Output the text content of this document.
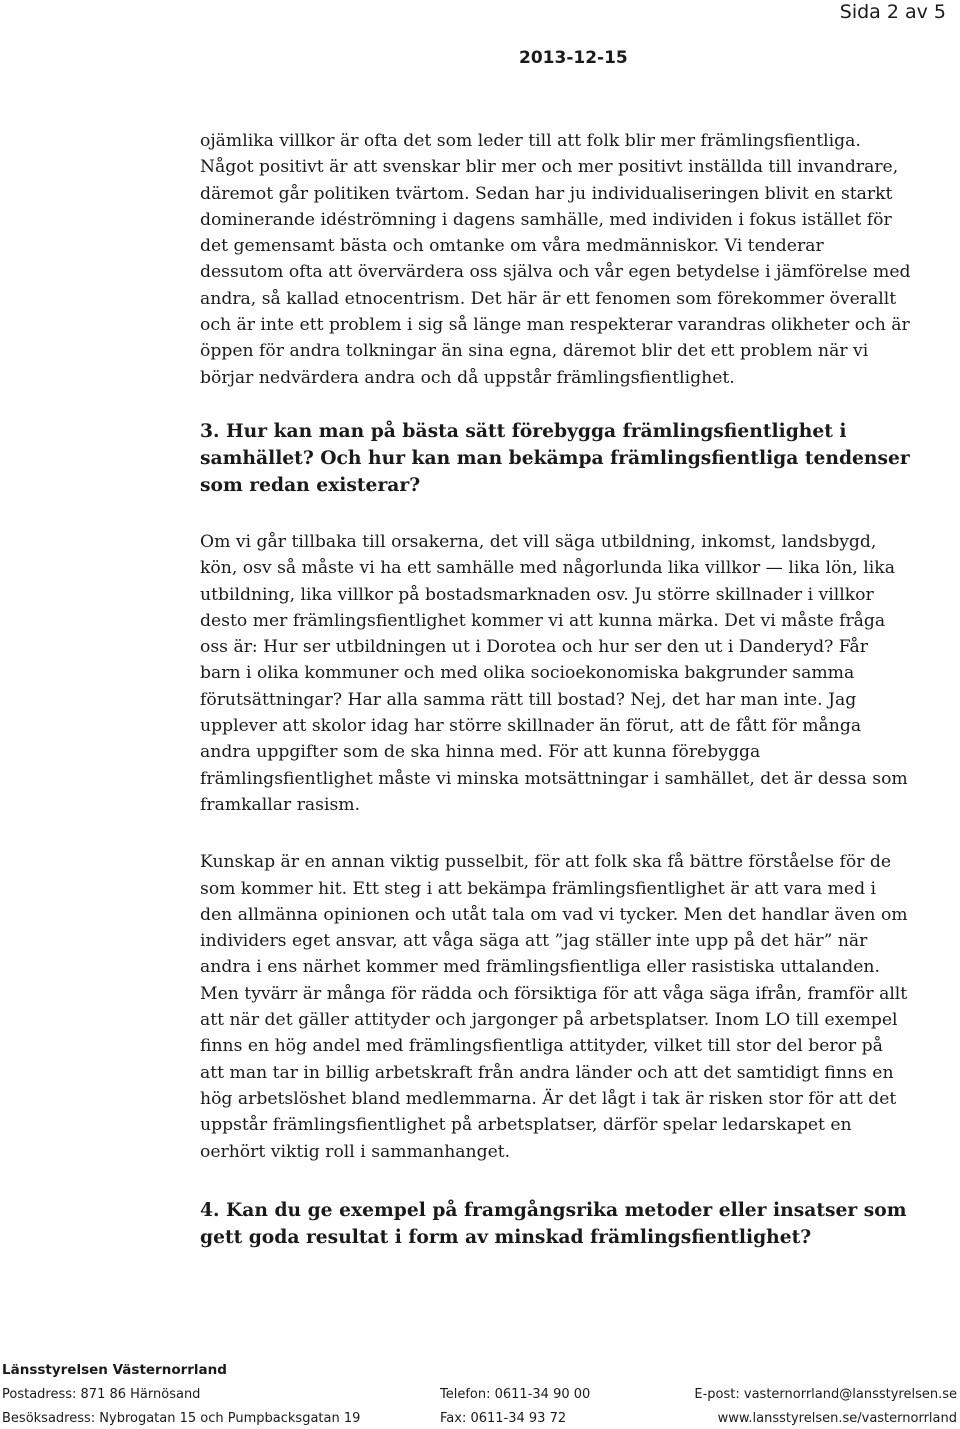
Sida 2 av 5
2013-12-15

ojämlika villkor är ofta det som leder till att folk blir mer främlingsfientliga. Något positivt är att svenskar blir mer och mer positivt inställda till invandrare, däremot går politiken tvärtom. Sedan har ju individualiseringen blivit en starkt dominerande idéströmning i dagens samhälle, med individen i fokus istället för det gemensamt bästa och omtanke om våra medmänniskor. Vi tenderar dessutom ofta att övervärdera oss själva och vår egen betydelse i jämförelse med andra, så kallad etnocentrism. Det här är ett fenomen som förekommer överallt och är inte ett problem i sig så länge man respekterar varandras olikheter och är öppen för andra tolkningar än sina egna, däremot blir det ett problem när vi börjar nedvärdera andra och då uppstår främlingsfientlighet.

3. Hur kan man på bästa sätt förebygga främlingsfientlighet i samhället? Och hur kan man bekämpa främlingsfientliga tendenser som redan existerar?

Om vi går tillbaka till orsakerna, det vill säga utbildning, inkomst, landsbygd, kön, osv så måste vi ha ett samhälle med någorlunda lika villkor — lika lön, lika utbildning, lika villkor på bostadsmarknaden osv. Ju större skillnader i villkor desto mer främlingsfientlighet kommer vi att kunna märka. Det vi måste fråga oss är: Hur ser utbildningen ut i Dorotea och hur ser den ut i Danderyd? Får barn i olika kommuner och med olika socioekonomiska bakgrunder samma förutsättningar? Har alla samma rätt till bostad? Nej, det har man inte. Jag upplever att skolor idag har större skillnader än förut, att de fått för många andra uppgifter som de ska hinna med. För att kunna förebygga främlingsfientlighet måste vi minska motsättningar i samhället, det är dessa som framkallar rasism.

Kunskap är en annan viktig pusselbit, för att folk ska få bättre förståelse för de som kommer hit. Ett steg i att bekämpa främlingsfientlighet är att vara med i den allmänna opinionen och utåt tala om vad vi tycker. Men det handlar även om individers eget ansvar, att våga säga att ”jag ställer inte upp på det här” när andra i ens närhet kommer med främlingsfientliga eller rasistiska uttalanden. Men tyvärr är många för rädda och försiktiga för att våga säga ifrån, framför allt att när det gäller attityder och jargonger på arbetsplatser. Inom LO till exempel finns en hög andel med främlingsfientliga attityder, vilket till stor del beror på att man tar in billig arbetskraft från andra länder och att det samtidigt finns en hög arbetslöshet bland medlemmarna. Är det lågt i tak är risken stor för att det uppstår främlingsfientlighet på arbetsplatser, därför spelar ledarskapet en oerhört viktig roll i sammanhanget.

4. Kan du ge exempel på framgångsrika metoder eller insatser som gett goda resultat i form av minskad främlingsfientlighet?
Länsstyrelsen Västernorrland
Postadress: 871 86 Härnösand	Telefon: 0611-34 90 00	E-post: vasternorrland@lansstyrelsen.se
Besöksadress: Nybrogatan 15 och Pumpbacksgatan 19	Fax: 0611-34 93 72	www.lansstyrelsen.se/vasternorrland
